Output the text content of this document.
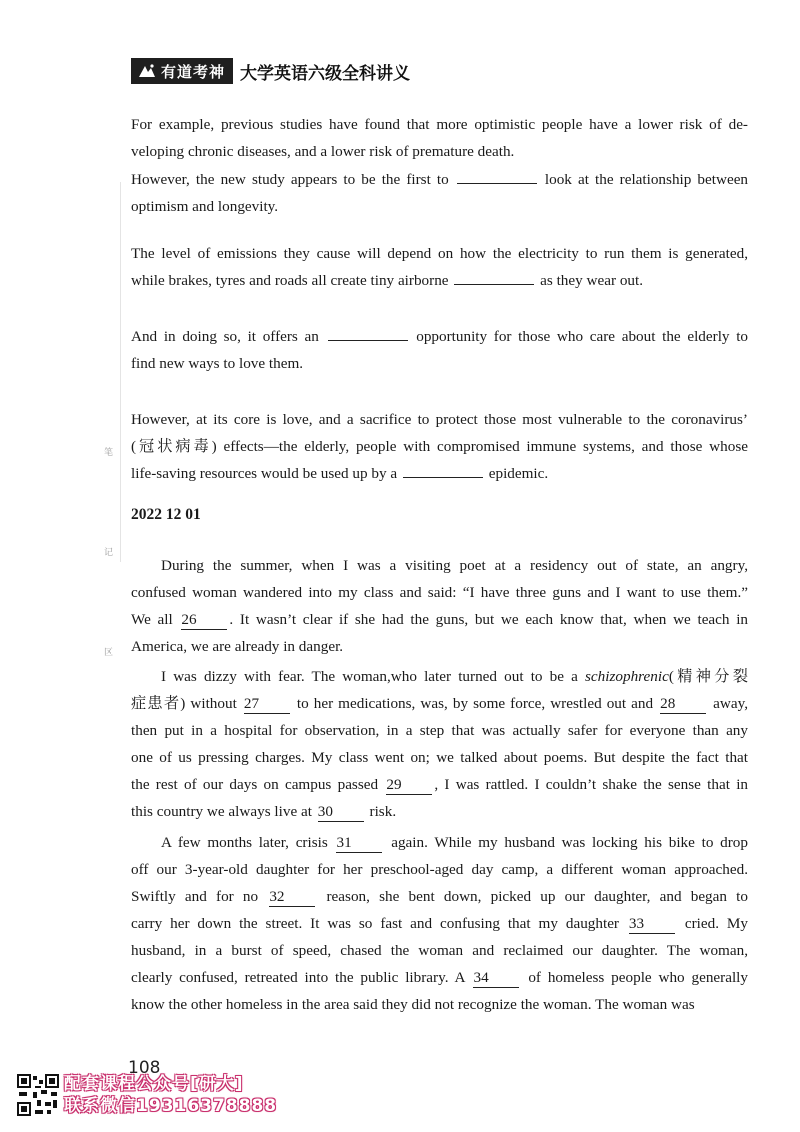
有道考神 大学英语六级全科讲义
笔
记
区
For example, previous studies have found that more optimistic people have a lower risk of de-
veloping chronic diseases, and a lower risk of premature death.
However, the new study appears to be the first to	look at the relationship between
optimism and longevity.
The level of emissions they cause will depend on how the electricity to run them is generated,
while brakes, tyres and roads all create tiny airborne	as they wear out.
And in doing so, it offers an	opportunity for those who care about the elderly to
find new ways to love them.
However, at its core is love, and a sacrifice to protect those most vulnerable to the coronavirus’
(冠状病毒) effects—the elderly, people with compromised immune systems, and those whose
life-saving resources would be used up by a	epidemic.
2022 12 01
During the summer, when I was a visiting poet at a residency out of state, an angry,
confused woman wandered into my class and said: “I have three guns and I want to use them.”
We all 26 . It wasn’t clear if she had the guns, but we each know that, when we teach in
America, we are already in danger.
I was dizzy with fear. The woman,who later turned out to be a schizophrenic(精神分裂
症患者) without 27 to her medications, was, by some force, wrestled out and 28 away,
then put in a hospital for observation, in a step that was actually safer for everyone than any
one of us pressing charges. My class went on; we talked about poems. But despite the fact that
the rest of our days on campus passed 29 , I was rattled. I couldn’t shake the sense that in
this country we always live at 30 risk.
A few months later, crisis 31	again. While my husband was locking his bike to drop
off our 3-year-old daughter for her preschool-aged day camp, a different woman approached.
Swiftly and for no 32	reason, she bent down, picked up our daughter, and began to
carry her down the street. It was so fast and confusing that my daughter 33	cried. My
husband, in a burst of speed, chased the woman and reclaimed our daughter. The woman,
clearly confused, retreated into the public library. A 34	of homeless people who generally
know the other homeless in the area said they did not recognize the woman. The woman was
108
配套课程公众号[研大]
联系微信19316378888
